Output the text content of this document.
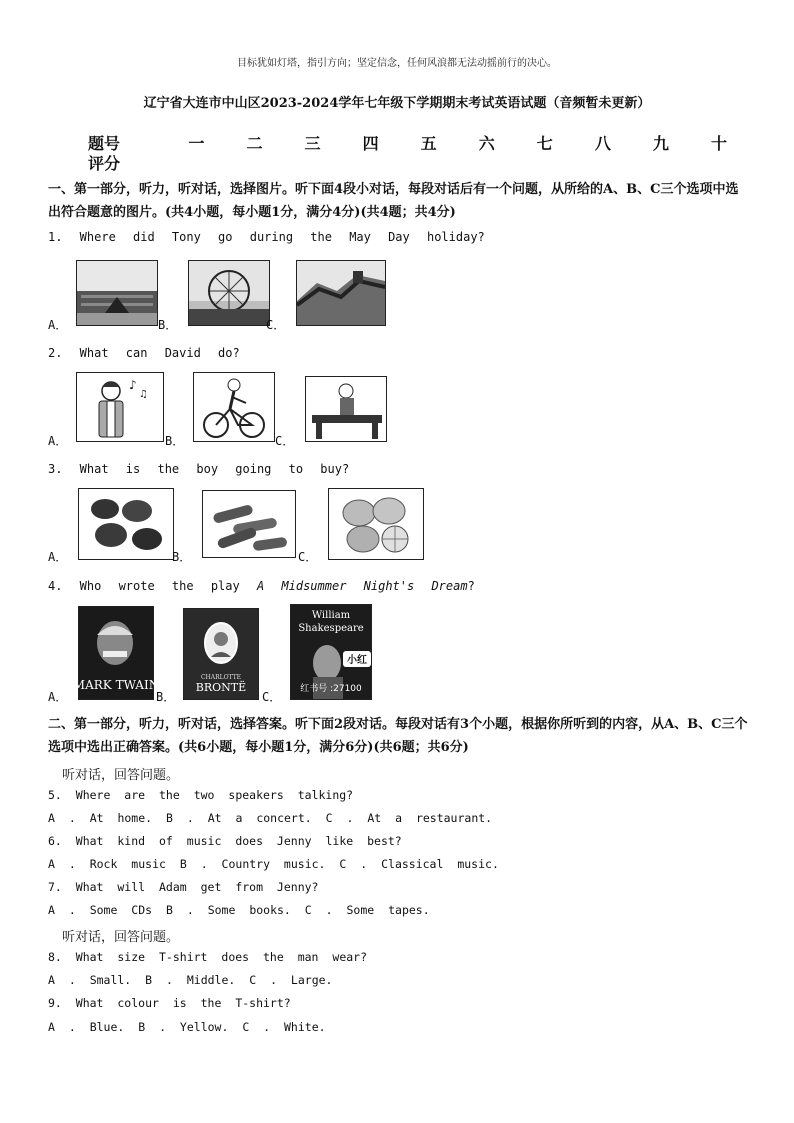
目标犹如灯塔，指引方向；坚定信念，任何风浪都无法动摇前行的决心。
辽宁省大连市中山区2023-2024学年七年级下学期期末考试英语试题（音频暂未更新）
题号	一	二	三	四	五	六	七	八	九	十
评分
一、第一部分，听力，听对话，选择图片。听下面4段小对话，每段对话后有一个问题，从所给的A、B、C三个选项中选出符合题意的图片。(共4小题，每小题1分，满分4分)(共4题；共4分)
1. Where did Tony go during the May Day holiday?
A．	B．	C．
2. What can David do?
♪
♫
A．	B．	C．
3. What is the boy going to buy?
A．	B．	C．
4. Who wrote the play A Midsummer Night's Dream?
MARK TWAIN
A．
CHARLOTTE
BRONTË
B．
William
Shakespeare
小红
红书号 :27100
C．
二、第一部分，听力，听对话，选择答案。听下面2段对话。每段对话有3个小题，根据你所听到的内容，从A、B、C三个选项中选出正确答案。(共6小题，每小题1分，满分6分)(共6题；共6分)
听对话，回答问题。
5. Where are the two speakers talking?
A . At home. B . At a concert. C . At a restaurant.
6. What kind of music does Jenny like best?
A . Rock music B . Country music. C . Classical music.
7. What will Adam get from Jenny?
A . Some CDs B . Some books. C . Some tapes.
听对话，回答问题。
8. What size T-shirt does the man wear?
A . Small. B . Middle. C . Large.
9. What colour is the T-shirt?
A . Blue. B . Yellow. C . White.
